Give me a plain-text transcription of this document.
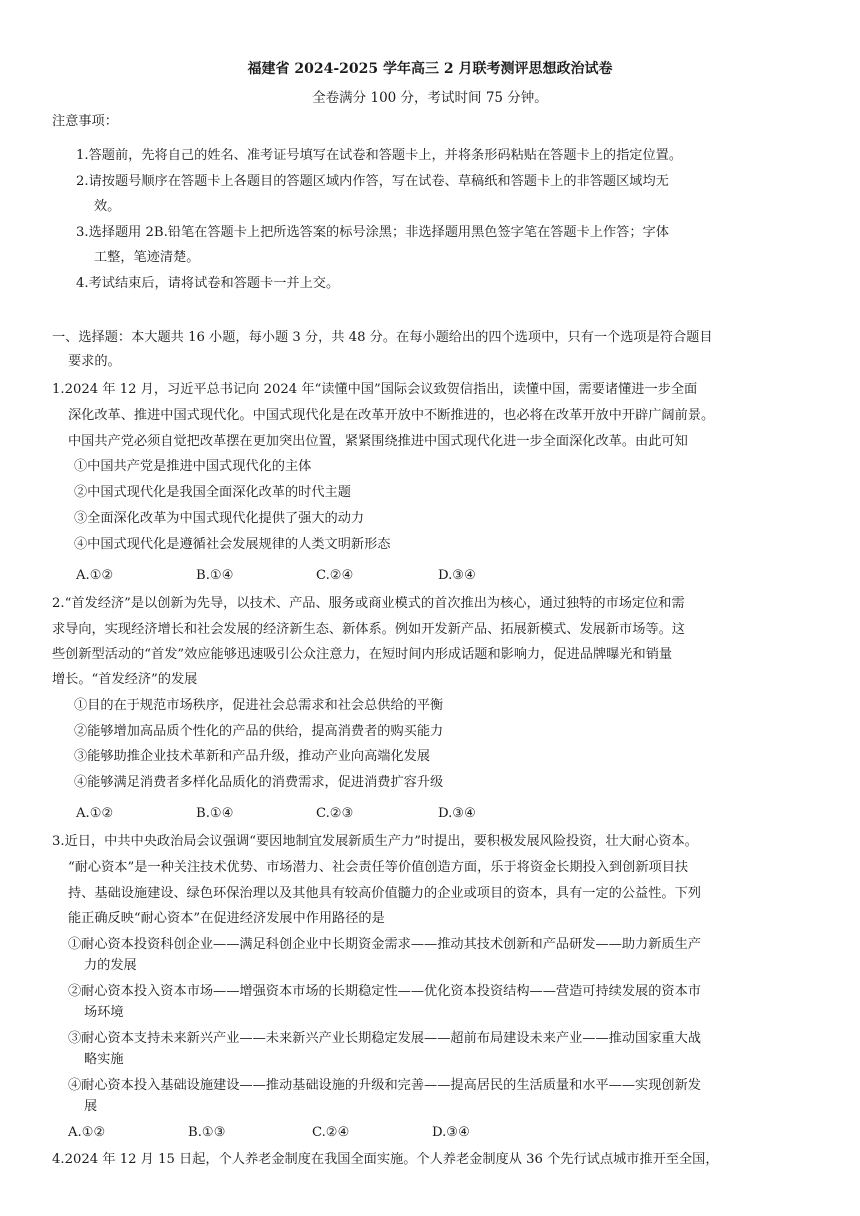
福建省 2024-2025 学年高三 2 月联考测评思想政治试卷
全卷满分 100 分，考试时间 75 分钟。
注意事项：
1.答题前，先将自己的姓名、准考证号填写在试卷和答题卡上，并将条形码粘贴在答题卡上的指定位置。
2.请按题号顺序在答题卡上各题目的答题区域内作答，写在试卷、草稿纸和答题卡上的非答题区域均无
效。
3.选择题用 2B.铅笔在答题卡上把所选答案的标号涂黑；非选择题用黑色签字笔在答题卡上作答；字体
工整，笔迹清楚。
4.考试结束后，请将试卷和答题卡一并上交。
一、选择题：本大题共 16 小题，每小题 3 分，共 48 分。在每小题给出的四个选项中，只有一个选项是符合题目
要求的。
1.2024 年 12 月，习近平总书记向 2024 年“读懂中国”国际会议致贺信指出，读懂中国，需要诸懂进一步全面
深化改革、推进中国式现代化。中国式现代化是在改革开放中不断推进的，也必将在改革开放中开辟广阔前景。
中国共产党必须自觉把改革摆在更加突出位置，紧紧围绕推进中国式现代化进一步全面深化改革。由此可知
①中国共产党是推进中国式现代化的主体
②中国式现代化是我国全面深化改革的时代主题
③全面深化改革为中国式现代化提供了强大的动力
④中国式现代化是遵循社会发展规律的人类文明新形态
A.①②	B.①④	C.②④	D.③④
2.“首发经济”是以创新为先导，以技术、产品、服务或商业模式的首次推出为核心，通过独特的市场定位和需
求导向，实现经济增长和社会发展的经济新生态、新体系。例如开发新产品、拓展新模式、发展新市场等。这
些创新型活动的“首发”效应能够迅速吸引公众注意力，在短时间内形成话题和影响力，促进品牌曝光和销量
增长。“首发经济”的发展
①目的在于规范市场秩序，促进社会总需求和社会总供给的平衡
②能够增加高品质个性化的产品的供给，提高消费者的购买能力
③能够助推企业技术革新和产品升级，推动产业向高端化发展
④能够满足消费者多样化品质化的消费需求，促进消费扩容升级
A.①②	B.①④	C.②③	D.③④
3.近日，中共中央政治局会议强调“要因地制宜发展新质生产力”时提出，要积极发展风险投资，壮大耐心资本。
“耐心资本”是一种关注技术优势、市场潜力、社会责任等价值创造方面，乐于将资金长期投入到创新项目扶
持、基础设施建设、绿色环保治理以及其他具有较高价值髓力的企业或项目的资本，具有一定的公益性。下列
能正确反映“耐心资本”在促进经济发展中作用路径的是
①耐心资本投资科创企业——满足科创企业中长期资金需求——推动其技术创新和产品研发——助力新质生产
力的发展
②耐心资本投入资本市场——增强资本市场的长期稳定性——优化资本投资结构——营造可持续发展的资本市
场环境
③耐心资本支持未来新兴产业——未来新兴产业长期稳定发展——超前布局建设未来产业——推动国家重大战
略实施
④耐心资本投入基础设施建设——推动基础设施的升级和完善——提高居民的生活质量和水平——实现创新发
展
A.①②	B.①③	C.②④	D.③④
4.2024 年 12 月 15 日起，个人养老金制度在我国全面实施。个人养老金制度从 36 个先行试点城市推开至全国，
